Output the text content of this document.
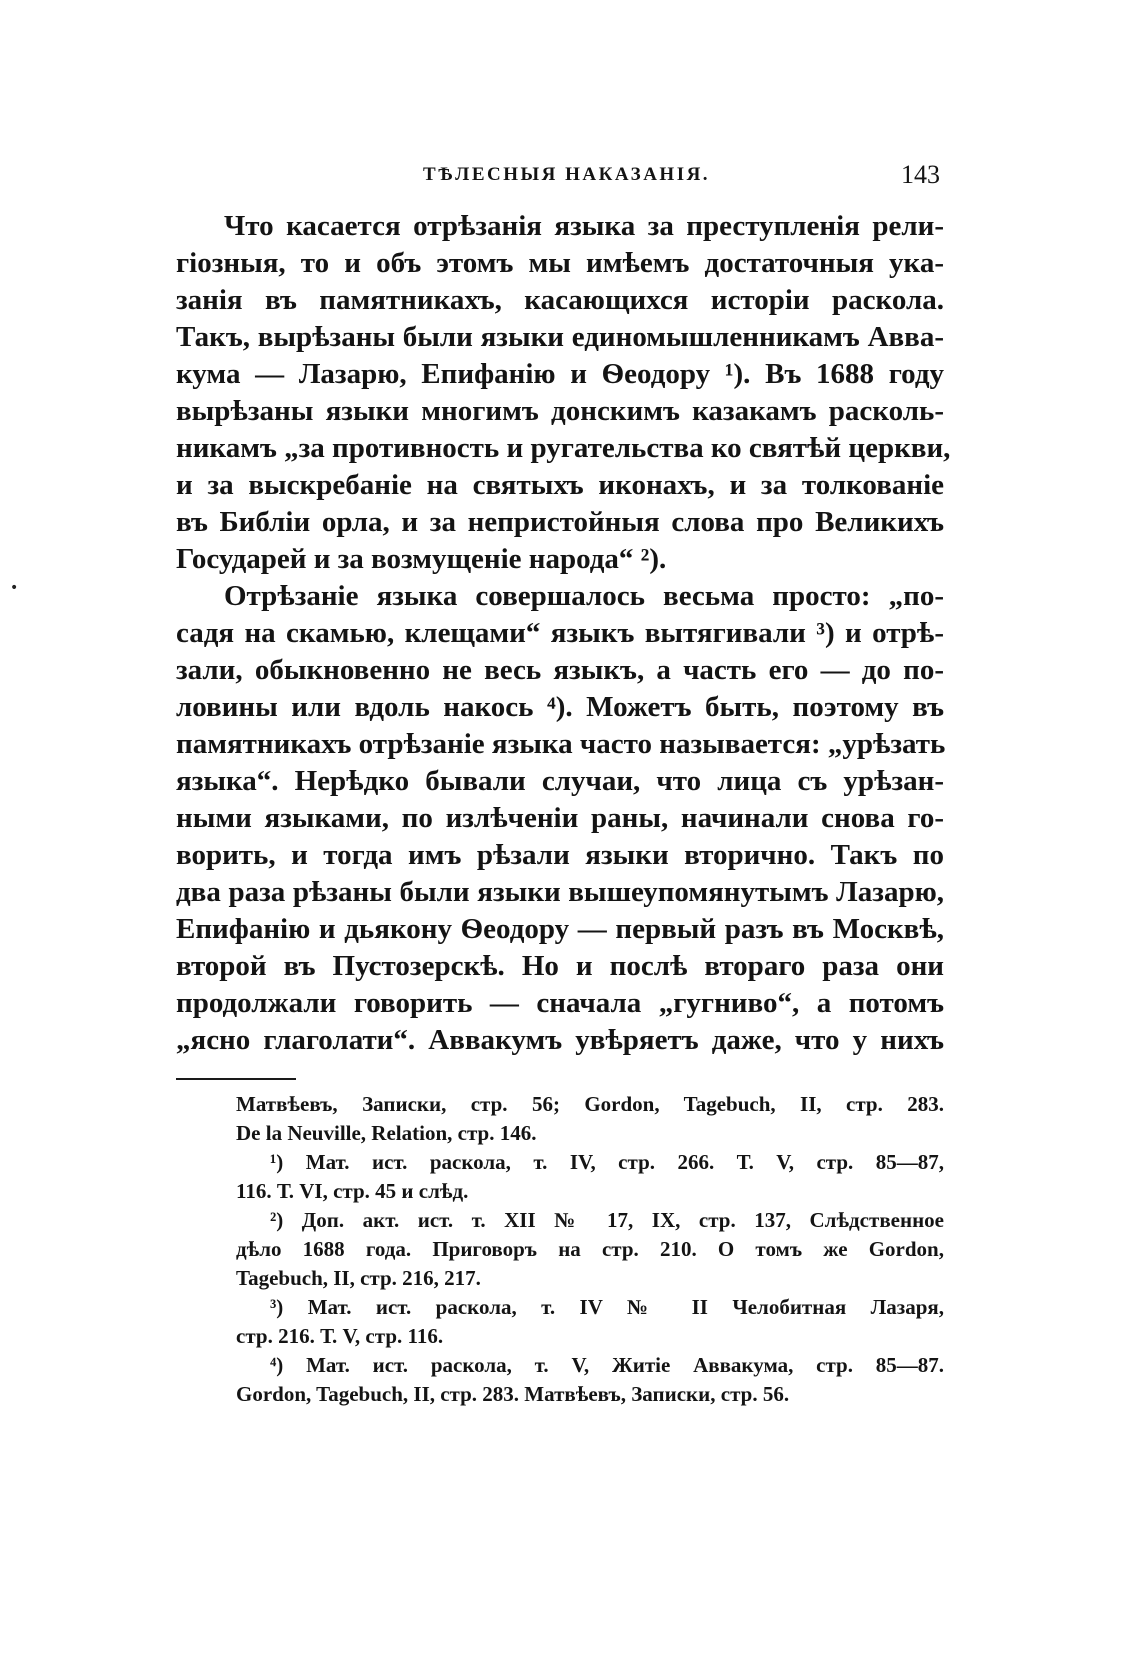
ТѢЛЕСНЫЯ НАКАЗАНІЯ.	143
•
Что касается отрѣзанія языка за преступленія рели-
гіозныя, то и объ этомъ мы имѣемъ достаточныя ука-
занія въ памятникахъ, касающихся исторіи раскола.
Такъ, вырѣзаны были языки единомышленникамъ Авва-
кума — Лазарю, Епифанію и Ѳеодору ¹). Въ 1688 году
вырѣзаны языки многимъ донскимъ казакамъ расколь-
никамъ „за противность и ругательства ко святѣй церкви,
и за выскребаніе на святыхъ иконахъ, и за толкованіе
въ Библіи орла, и за непристойныя слова про Великихъ
Государей и за возмущеніе народа“ ²).
Отрѣзаніе языка совершалось весьма просто: „по-
садя на скамью, клещами“ языкъ вытягивали ³) и отрѣ-
зали, обыкновенно не весь языкъ, а часть его — до по-
ловины или вдоль накось ⁴). Можетъ быть, поэтому въ
памятникахъ отрѣзаніе языка часто называется: „урѣзать
языка“. Нерѣдко бывали случаи, что лица съ урѣзан-
ными языками, по излѣченіи раны, начинали снова го-
ворить, и тогда имъ рѣзали языки вторично. Такъ по
два раза рѣзаны были языки вышеупомянутымъ Лазарю,
Епифанію и дьякону Ѳеодору — первый разъ въ Москвѣ,
второй въ Пустозерскѣ. Но и послѣ втораго раза они
продолжали говорить — сначала „гугниво“, а потомъ
„ясно глаголати“. Аввакумъ увѣряетъ даже, что у нихъ
Матвѣевъ, Записки, стр. 56; Gordon, Tagebuch, II, стр. 283.
De la Neuville, Relation, стр. 146.
¹) Мат. ист. раскола, т. IV, стр. 266. Т. V, стр. 85—87,
116. Т. VI, стр. 45 и слѣд.
²) Доп. акт. ист. т. XII № 17, IX, стр. 137, Слѣдственное
дѣло 1688 года. Приговоръ на стр. 210. О томъ же Gordon,
Tagebuch, II, стр. 216, 217.
³) Мат. ист. раскола, т. IV № II Челобитная Лазаря,
стр. 216. Т. V, стр. 116.
⁴) Мат. ист. раскола, т. V, Житіе Аввакума, стр. 85—87.
Gordon, Tagebuch, II, стр. 283. Матвѣевъ, Записки, стр. 56.
